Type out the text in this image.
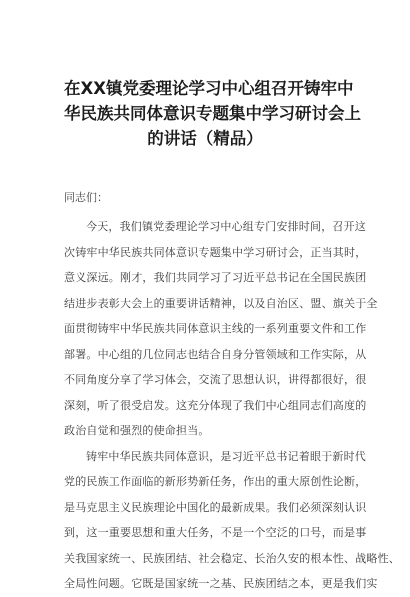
在XX镇党委理论学习中心组召开铸牢中
华民族共同体意识专题集中学习研讨会上
的讲话（精品）

同志们：

今天，我们镇党委理论学习中心组专门安排时间，召开这
次铸牢中华民族共同体意识专题集中学习研讨会，正当其时，
意义深远。刚才，我们共同学习了习近平总书记在全国民族团
结进步表彰大会上的重要讲话精神，以及自治区、盟、旗关于全
面贯彻铸牢中华民族共同体意识主线的一系列重要文件和工作
部署。中心组的几位同志也结合自身分管领域和工作实际，从
不同角度分享了学习体会，交流了思想认识，讲得都很好，很
深刻，听了很受启发。这充分体现了我们中心组同志们高度的
政治自觉和强烈的使命担当。

铸牢中华民族共同体意识，是习近平总书记着眼于新时代
党的民族工作面临的新形势新任务，作出的重大原创性论断，
是马克思主义民族理论中国化的最新成果。我们必须深刻认识
到，这一重要思想和重大任务，不是一个空泛的口号，而是事
关我国家统一、民族团结、社会稳定、长治久安的根本性、战略性、
全局性问题。它既是国家统一之基、民族团结之本，更是我们实
